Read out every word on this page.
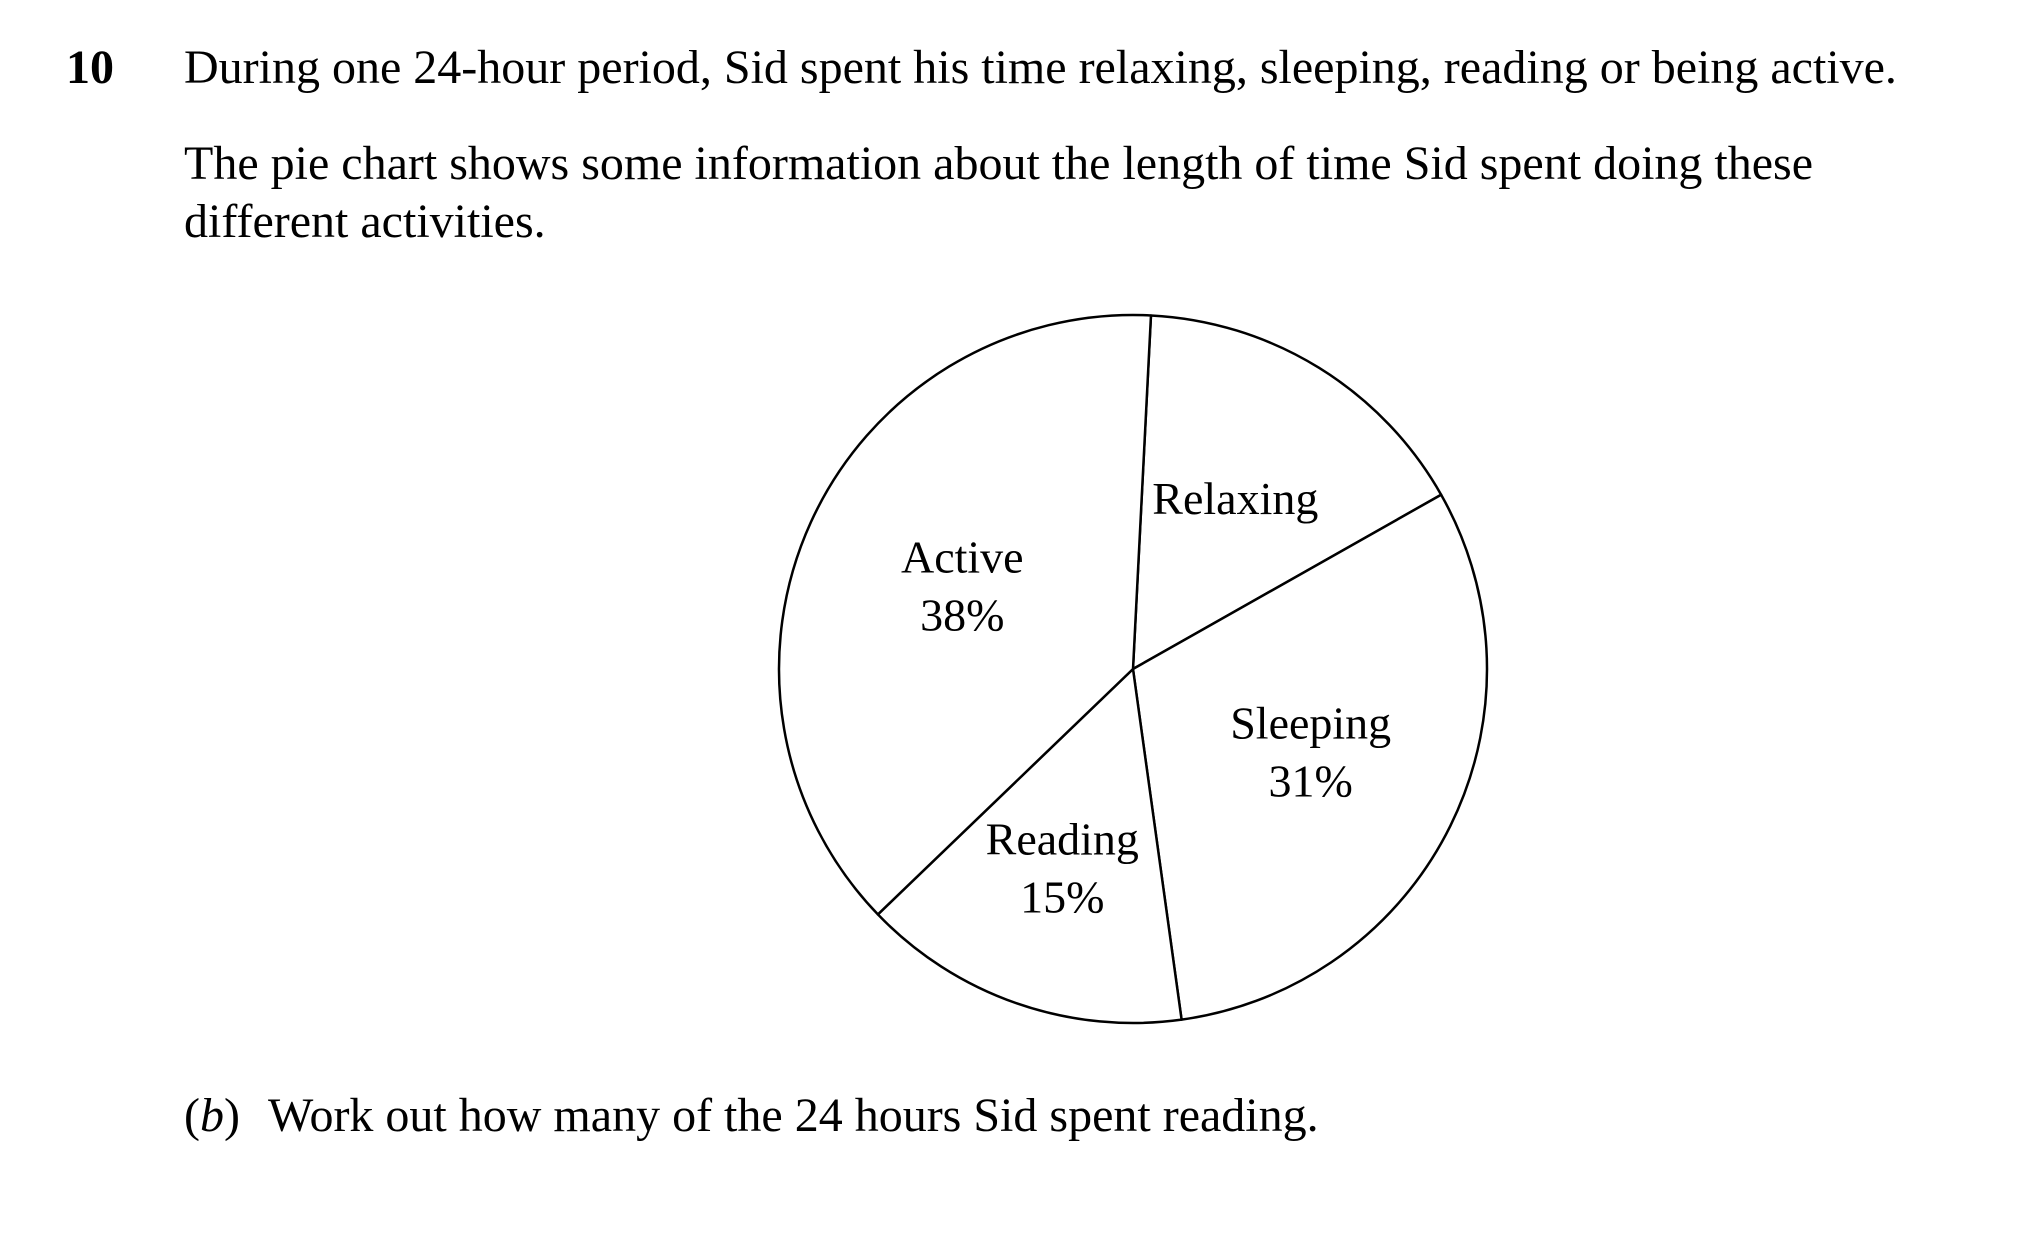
10 During one 24-hour period, Sid spent his time relaxing, sleeping, reading or being active.
The pie chart shows some information about the length of time Sid spent doing these
different activities.
Relaxing
Sleeping
31%
Reading
15%
Active
38%
(b)  Work out how many of the 24 hours Sid spent reading.
